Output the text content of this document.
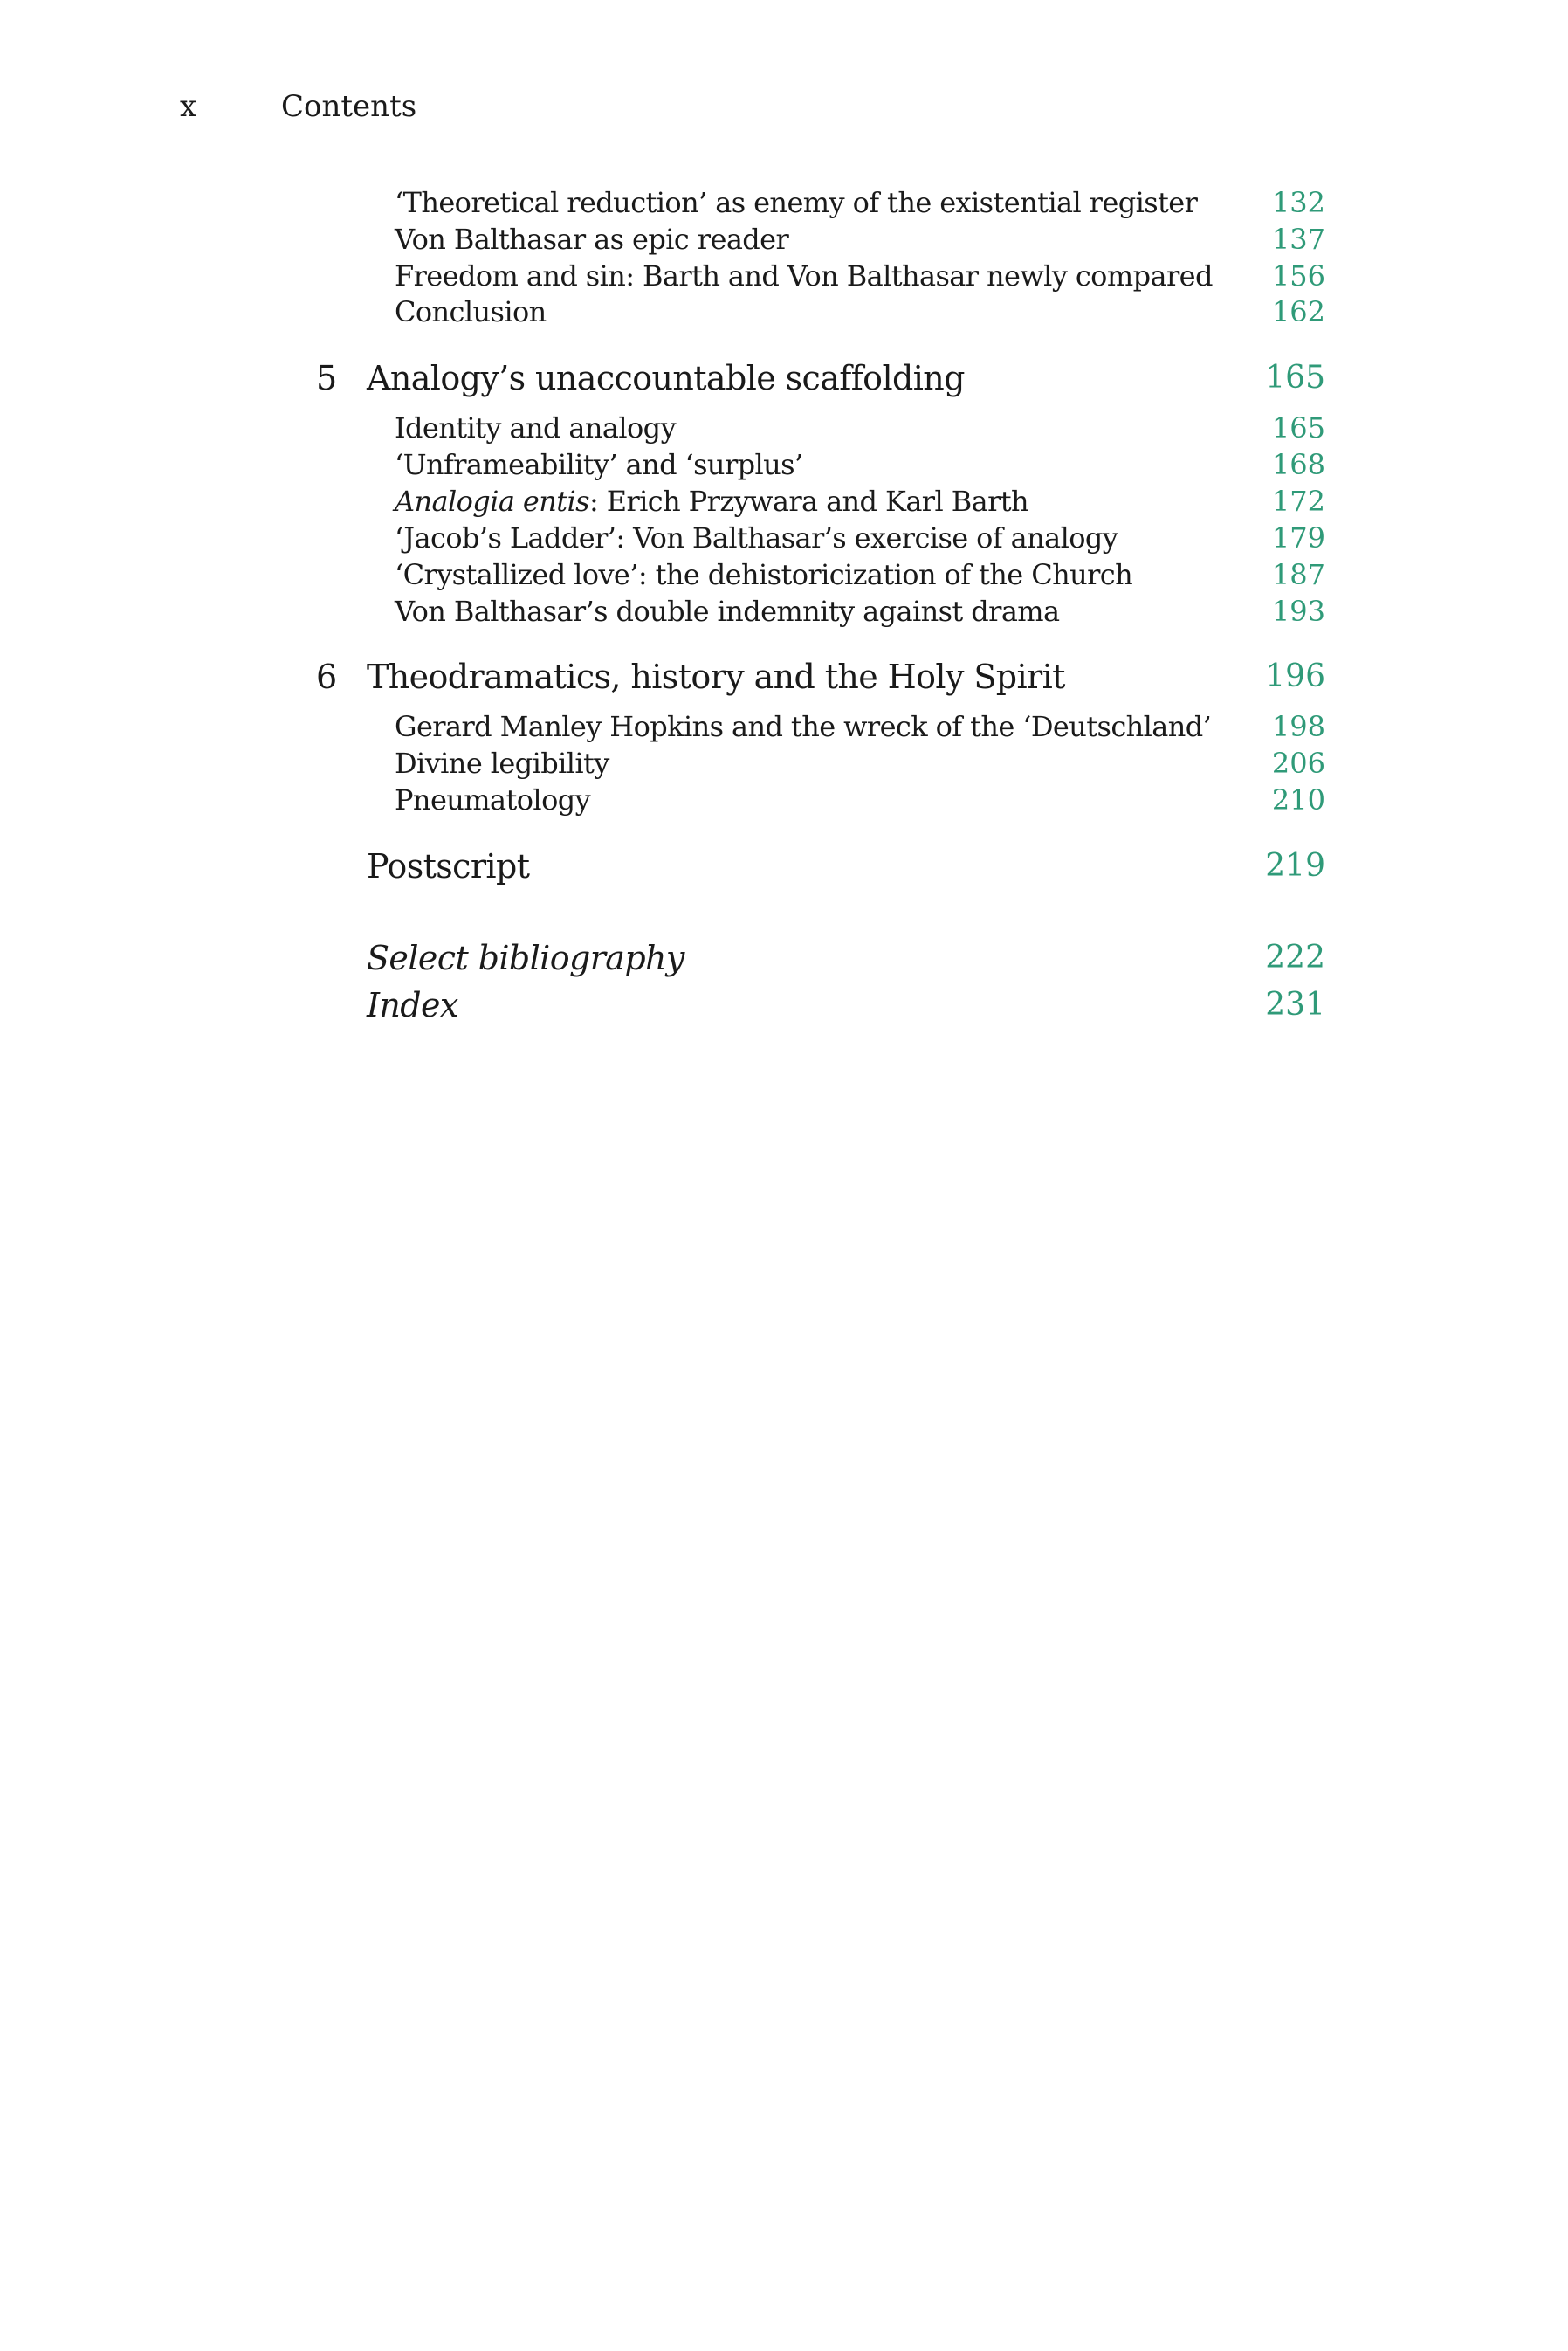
x	Contents
‘Theoretical reduction’ as enemy of the existential register	132
Von Balthasar as epic reader	137
Freedom and sin: Barth and Von Balthasar newly compared 156
Conclusion	162
5 Analogy’s unaccountable scaffolding	165
Identity and analogy	165
‘Unframeability’ and ‘surplus’	168
Analogia entis: Erich Przywara and Karl Barth	172
‘Jacob’s Ladder’: Von Balthasar’s exercise of analogy	179
‘Crystallized love’: the dehistoricization of the Church	187
Von Balthasar’s double indemnity against drama	193
6 Theodramatics, history and the Holy Spirit	196
Gerard Manley Hopkins and the wreck of the ‘Deutschland’ 198
Divine legibility	206
Pneumatology	210
Postscript	219
Select bibliography	222
Index	231
